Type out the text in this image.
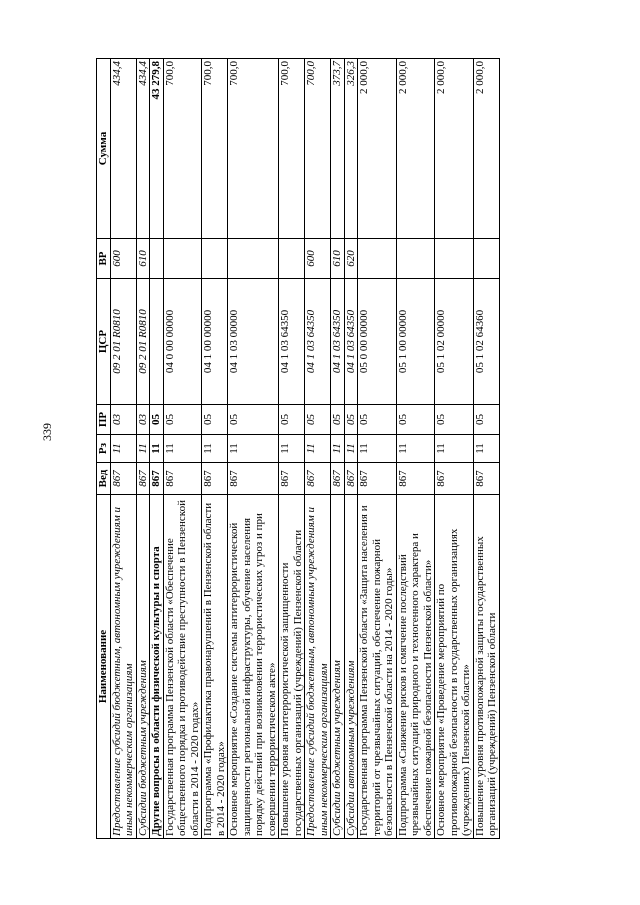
339
Наименование	Вед	Рз	ПР	ЦСР	ВР	Сумма
Предоставление субсидий бюджетным, автономным учреждениям и иным некоммерческим организациям	867	11	03	09 2 01 R0810	600	434,4
Субсидии бюджетным учреждениям	867	11	03	09 2 01 R0810	610	434,4
Другие вопросы в области физической культуры и спорта	867	11	05			43 279,8
Государственная программа Пензенской области «Обеспечение общественного порядка и противодействие преступности в Пензенской области в 2014 - 2020 годах»	867	11	05	04 0 00 00000		700,0
Подпрограмма «Профилактика правонарушений в Пензенской области в 2014 - 2020 годах»	867	11	05	04 1 00 00000		700,0
Основное мероприятие «Создание системы антитеррористической защищенности региональной инфраструктуры, обучение населения порядку действий при возникновении террористических угроз и при совершении террористическом акте»	867	11	05	04 1 03 00000		700,0
Повышение уровня антитеррористической защищенности государственных организаций (учреждений) Пензенской области	867	11	05	04 1 03 64350		700,0
Предоставление субсидий бюджетным, автономным учреждениям и иным некоммерческим организациям	867	11	05	04 1 03 64350	600	700,0
Субсидии бюджетным учреждениям	867	11	05	04 1 03 64350	610	373,7
Субсидии автономным учреждениям	867	11	05	04 1 03 64350	620	326,3
Государственная программа Пензенской области «Защита населения и территорий от чрезвычайных ситуаций, обеспечение пожарной безопасности в Пензенской области на 2014 - 2020 годы»	867	11	05	05 0 00 00000		2 000,0
Подпрограмма «Снижение рисков и смягчение последствий чрезвычайных ситуаций природного и техногенного характера и обеспечение пожарной безопасности Пензенской области»	867	11	05	05 1 00 00000		2 000,0
Основное мероприятие «Проведение мероприятий по противопожарной безопасности в государственных организациях (учреждениях) Пензенской области»	867	11	05	05 1 02 00000		2 000,0
Повышение уровня противопожарной защиты государственных организаций (учреждений) Пензенской области	867	11	05	05 1 02 64360		2 000,0
